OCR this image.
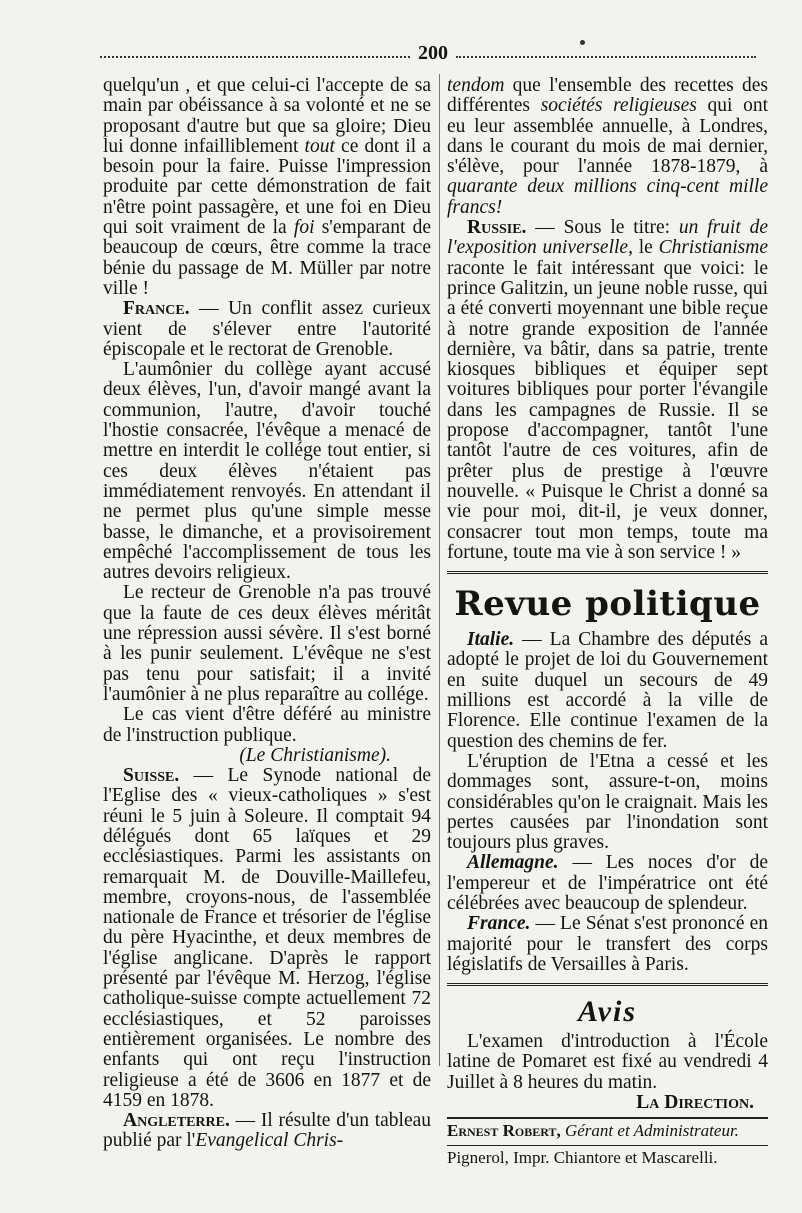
200

quelqu'un , et que celui-ci l'accepte de sa main par obéissance à sa volonté et ne se proposant d'autre but que sa gloire; Dieu lui donne infailliblement tout ce dont il a besoin pour la faire. Puisse l'impression produite par cette démonstration de fait n'être point passagère, et une foi en Dieu qui soit vraiment de la foi s'emparant de beaucoup de cœurs, être comme la trace bénie du passage de M. Müller par notre ville !

France. — Un conflit assez curieux vient de s'élever entre l'autorité épiscopale et le rectorat de Grenoble.

L'aumônier du collège ayant accusé deux élèves, l'un, d'avoir mangé avant la communion, l'autre, d'avoir touché l'hostie consacrée, l'évêque a menacé de mettre en interdit le collége tout entier, si ces deux élèves n'étaient pas immédiatement renvoyés. En attendant il ne permet plus qu'une simple messe basse, le dimanche, et a provisoirement empêché l'accomplissement de tous les autres devoirs religieux.

Le recteur de Grenoble n'a pas trouvé que la faute de ces deux élèves méritât une répression aussi sévère. Il s'est borné à les punir seulement. L'évêque ne s'est pas tenu pour satisfait; il a invité l'aumônier à ne plus reparaître au collége.

Le cas vient d'être déféré au ministre de l'instruction publique.

(Le Christianisme).

Suisse. — Le Synode national de l'Eglise des « vieux-catholiques » s'est réuni le 5 juin à Soleure. Il comptait 94 délégués dont 65 laïques et 29 ecclésiastiques. Parmi les assistants on remarquait M. de Douville-Maillefeu, membre, croyons-nous, de l'assemblée nationale de France et trésorier de l'église du père Hyacinthe, et deux membres de l'église anglicane. D'après le rapport présenté par l'évêque M. Herzog, l'église catholique-suisse compte actuellement 72 ecclésiastiques, et 52 paroisses entièrement organisées. Le nombre des enfants qui ont reçu l'instruction religieuse a été de 3606 en 1877 et de 4159 en 1878.

Angleterre. — Il résulte d'un tableau publié par l'Evangelical Chris-

tendom que l'ensemble des recettes des différentes sociétés religieuses qui ont eu leur assemblée annuelle, à Londres, dans le courant du mois de mai dernier, s'élève, pour l'année 1878-1879, à quarante deux millions cinq-cent mille francs!

Russie. — Sous le titre: un fruit de l'exposition universelle, le Christianisme raconte le fait intéressant que voici: le prince Galitzin, un jeune noble russe, qui a été converti moyennant une bible reçue à notre grande exposition de l'année dernière, va bâtir, dans sa patrie, trente kiosques bibliques et équiper sept voitures bibliques pour porter l'évangile dans les campagnes de Russie. Il se propose d'accompagner, tantôt l'une tantôt l'autre de ces voitures, afin de prêter plus de prestige à l'œuvre nouvelle. « Puisque le Christ a donné sa vie pour moi, dit-il, je veux donner, consacrer tout mon temps, toute ma fortune, toute ma vie à son service ! »

Revue politique

Italie. — La Chambre des députés a adopté le projet de loi du Gouvernement en suite duquel un secours de 49 millions est accordé à la ville de Florence. Elle continue l'examen de la question des chemins de fer.

L'éruption de l'Etna a cessé et les dommages sont, assure-t-on, moins considérables qu'on le craignait. Mais les pertes causées par l'inondation sont toujours plus graves.

Allemagne. — Les noces d'or de l'empereur et de l'impératrice ont été célébrées avec beaucoup de splendeur.

France. — Le Sénat s'est prononcé en majorité pour le transfert des corps législatifs de Versailles à Paris.

Avis

L'examen d'introduction à l'École latine de Pomaret est fixé au vendredi 4 Juillet à 8 heures du matin.

La Direction.

Ernest Robert, Gérant et Administrateur.

Pignerol, Impr. Chiantore et Mascarelli.
